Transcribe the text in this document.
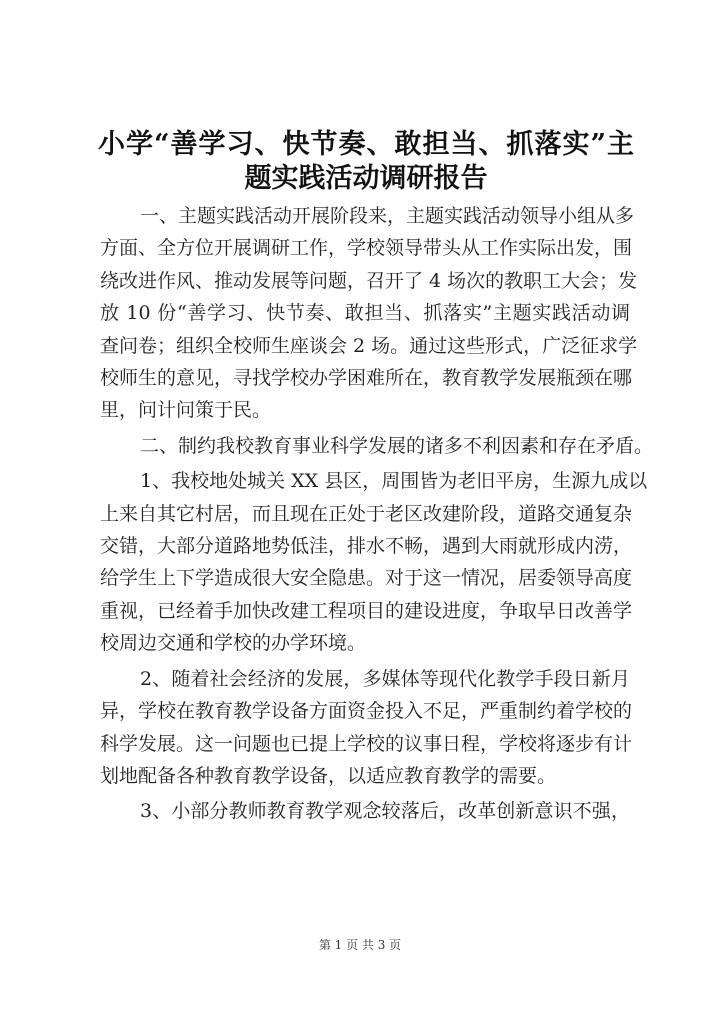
小学“善学习、快节奏、敢担当、抓落实”主
题实践活动调研报告
一、主题实践活动开展阶段来，主题实践活动领导小组从多
方面、全方位开展调研工作，学校领导带头从工作实际出发，围
绕改进作风、推动发展等问题，召开了 4 场次的教职工大会；发
放 10 份“善学习、快节奏、敢担当、抓落实”主题实践活动调
查问卷；组织全校师生座谈会 2 场。通过这些形式，广泛征求学
校师生的意见，寻找学校办学困难所在，教育教学发展瓶颈在哪
里，问计问策于民。
二、制约我校教育事业科学发展的诸多不利因素和存在矛盾。
1、我校地处城关 XX 县区，周围皆为老旧平房，生源九成以
上来自其它村居，而且现在正处于老区改建阶段，道路交通复杂
交错，大部分道路地势低洼，排水不畅，遇到大雨就形成内涝，
给学生上下学造成很大安全隐患。对于这一情况，居委领导高度
重视，已经着手加快改建工程项目的建设进度，争取早日改善学
校周边交通和学校的办学环境。
2、随着社会经济的发展，多媒体等现代化教学手段日新月
异，学校在教育教学设备方面资金投入不足，严重制约着学校的
科学发展。这一问题也已提上学校的议事日程，学校将逐步有计
划地配备各种教育教学设备，以适应教育教学的需要。
3、小部分教师教育教学观念较落后，改革创新意识不强，
第 1 页 共 3 页
